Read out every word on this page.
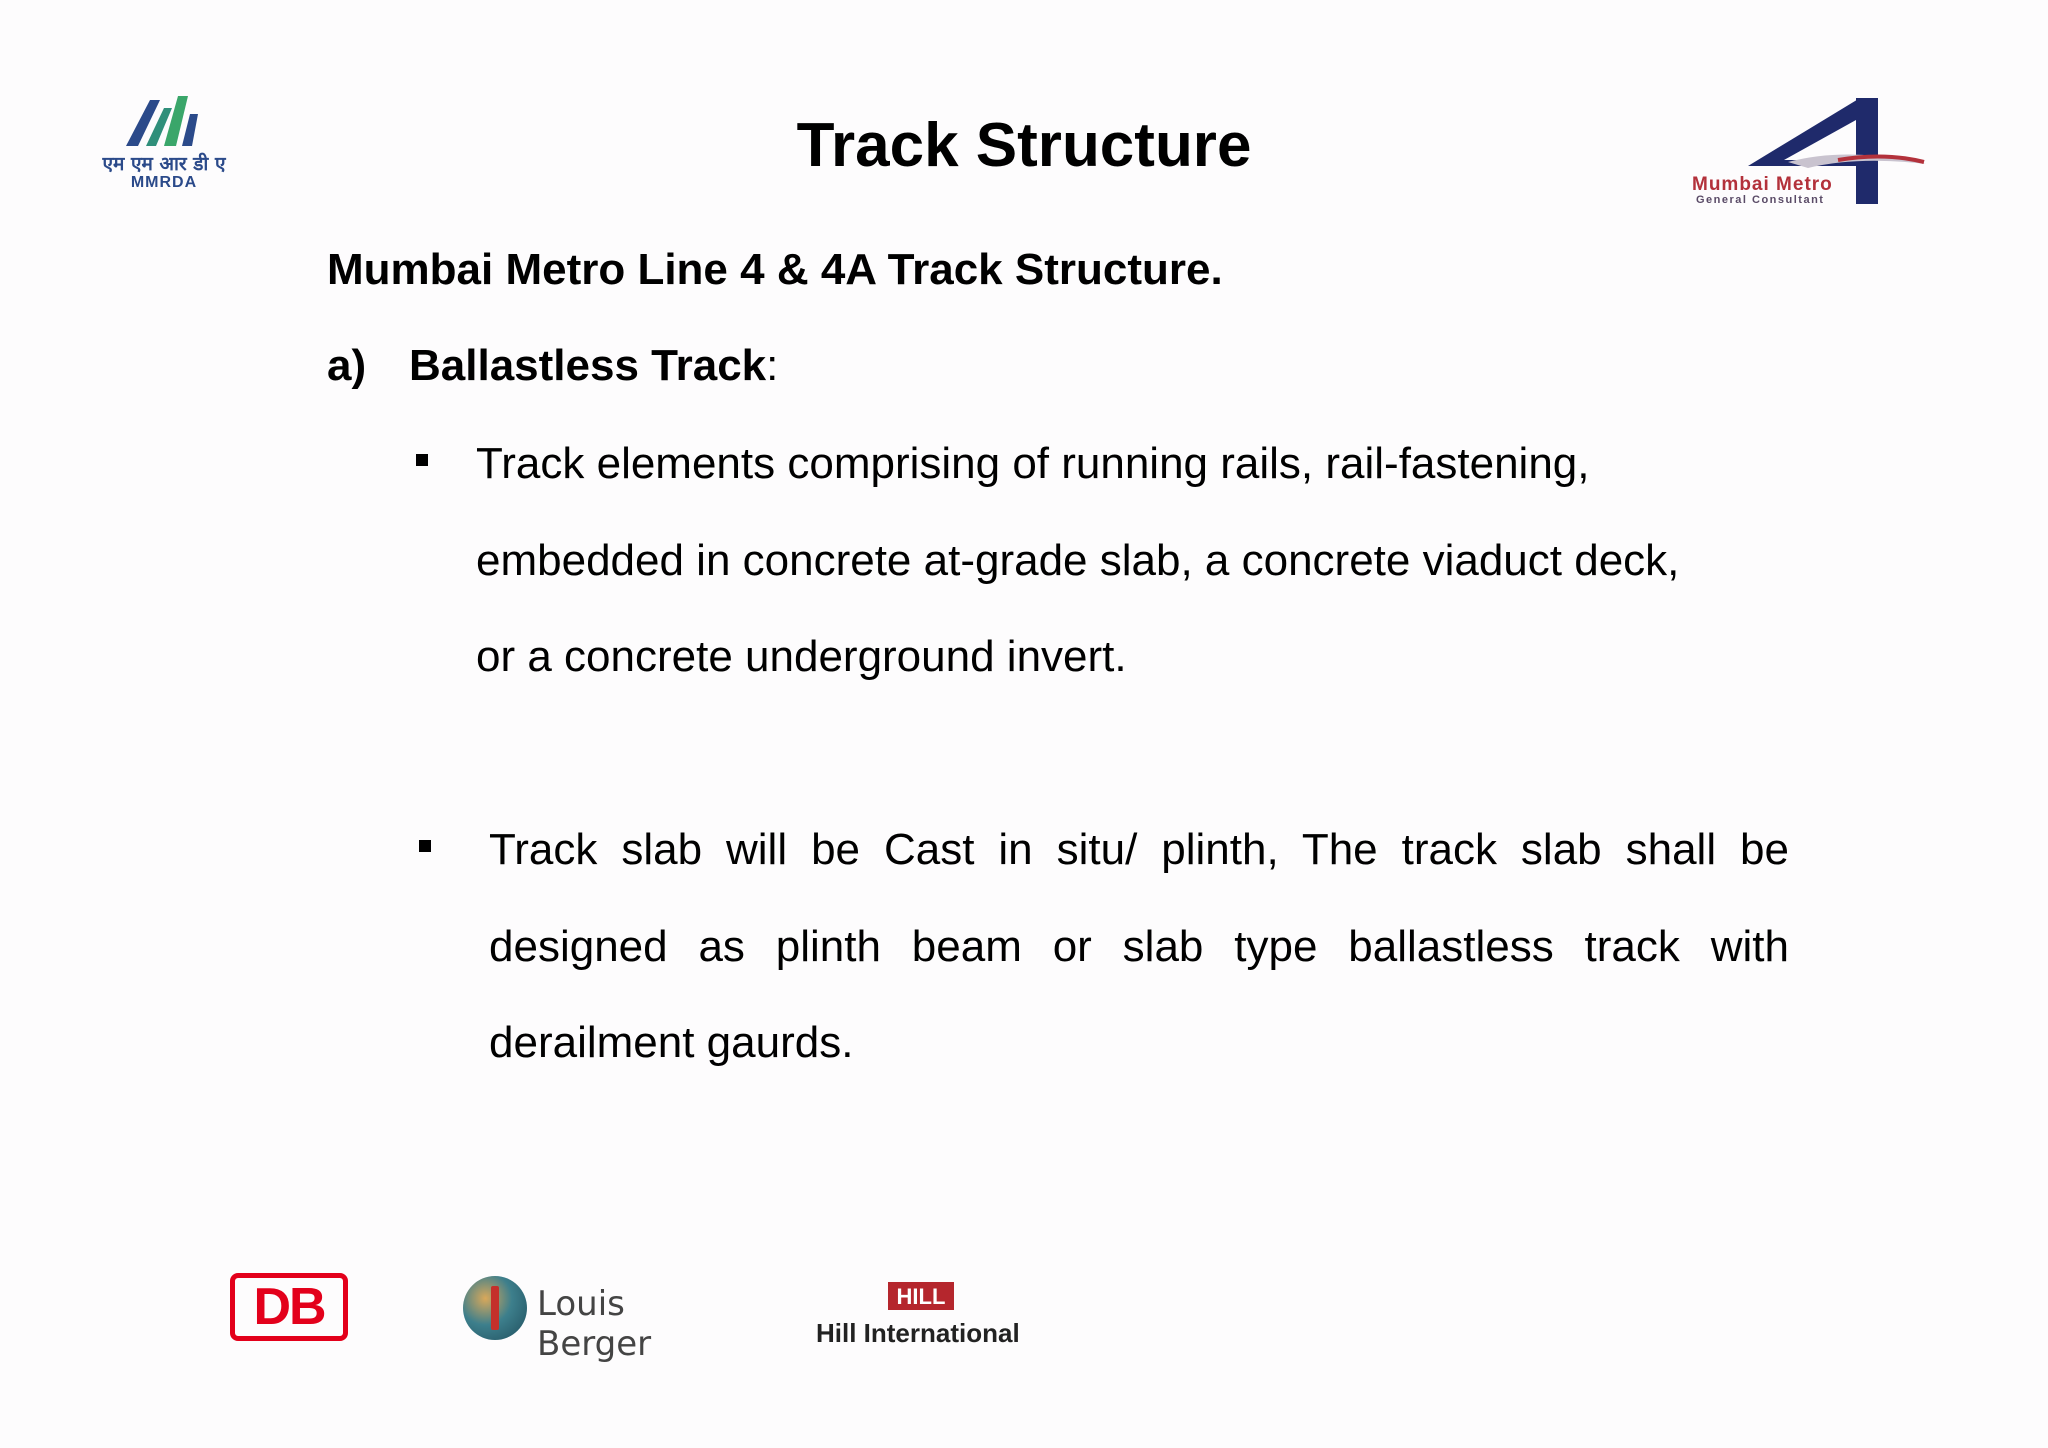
एम एम आर डी ए
MMRDA	Mumbai Metro
General Consultant
Track Structure
Mumbai Metro Line 4 & 4A Track Structure.
a) Ballastless Track:
Track elements comprising of running rails, rail-fastening,
embedded in concrete at-grade slab, a concrete viaduct deck,
or a concrete underground invert.
Track slab will be Cast in situ/ plinth, The track slab shall be designed as plinth beam or slab type ballastless track with derailment gaurds.
DB	Louis Berger
HILL
Hill International
